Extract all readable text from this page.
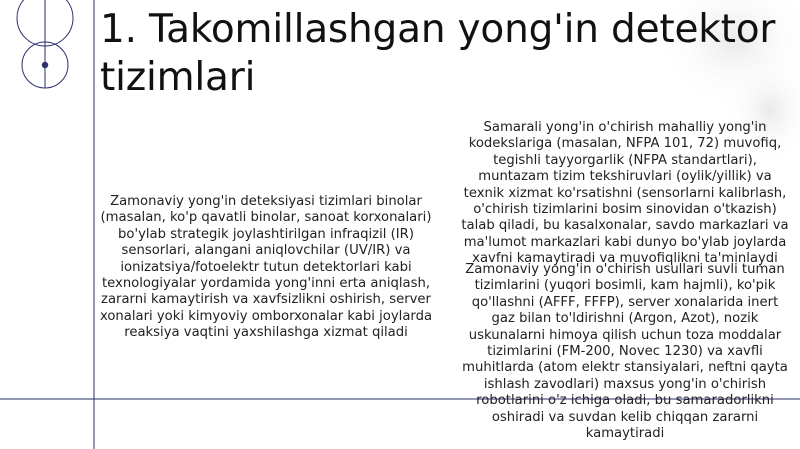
1. Takomillashgan yong'in detektor tizimlari

Zamonaviy yong'in deteksiyasi tizimlari binolar (masalan, ko'p qavatli binolar, sanoat korxonalari) bo'ylab strategik joylashtirilgan infraqizil (IR) sensorlari, alangani aniqlovchilar (UV/IR) va ionizatsiya/fotoelektr tutun detektorlari kabi texnologiyalar yordamida yong'inni erta aniqlash, zararni kamaytirish va xavfsizlikni oshirish, server xonalari yoki kimyoviy omborxonalar kabi joylarda reaksiya vaqtini yaxshilashga xizmat qiladi

Samarali yong'in o'chirish mahalliy yong'in kodekslariga (masalan, NFPA 101, 72) muvofiq, tegishli tayyorgarlik (NFPA standartlari), muntazam tizim tekshiruvlari (oylik/yillik) va texnik xizmat ko'rsatishni (sensorlarni kalibrlash, o'chirish tizimlarini bosim sinovidan o'tkazish) talab qiladi, bu kasalxonalar, savdo markazlari va ma'lumot markazlari kabi dunyo bo'ylab joylarda xavfni kamaytiradi va muvofiqlikni ta'minlaydi

Zamonaviy yong'in o'chirish usullari suvli tuman tizimlarini (yuqori bosimli, kam hajmli), ko'pik qo'llashni (AFFF, FFFP), server xonalarida inert gaz bilan to'ldirishni (Argon, Azot), nozik uskunalarni himoya qilish uchun toza moddalar tizimlarini (FM-200, Novec 1230) va xavfli muhitlarda (atom elektr stansiyalari, neftni qayta ishlash zavodlari) maxsus yong'in o'chirish robotlarini o'z ichiga oladi, bu samaradorlikni oshiradi va suvdan kelib chiqqan zararni kamaytiradi
